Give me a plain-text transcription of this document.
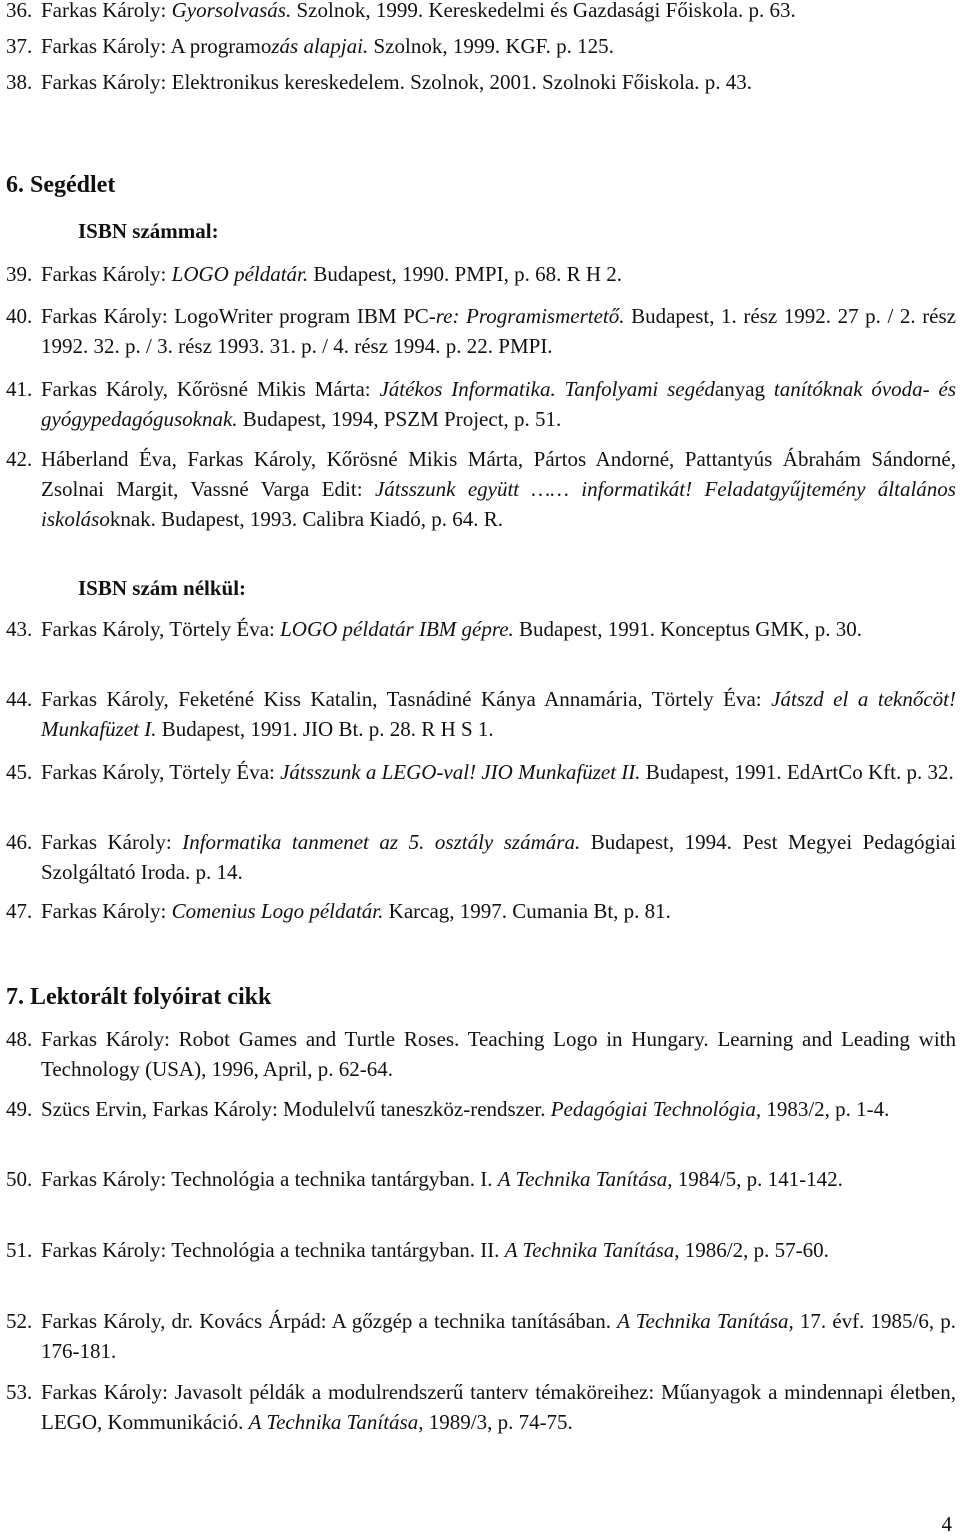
36. Farkas Károly: Gyorsolvasás. Szolnok, 1999. Kereskedelmi és Gazdasági Főiskola. p. 63.
37. Farkas Károly: A programozás alapjai. Szolnok, 1999. KGF. p. 125.
38. Farkas Károly: Elektronikus kereskedelem. Szolnok, 2001. Szolnoki Főiskola. p. 43.
6. Segédlet
ISBN számmal:
39. Farkas Károly: LOGO példatár. Budapest, 1990. PMPI, p. 68. R H 2.
40. Farkas Károly: LogoWriter program IBM PC-re: Programismertető. Budapest, 1. rész 1992. 27 p. / 2. rész 1992. 32. p. / 3. rész 1993. 31. p. / 4. rész 1994. p. 22. PMPI.
41. Farkas Károly, Kőrösné Mikis Márta: Játékos Informatika. Tanfolyami segédanyag tanítóknak óvoda- és gyógypedagógusoknak. Budapest, 1994, PSZM Project, p. 51.
42. Háberland Éva, Farkas Károly, Kőrösné Mikis Márta, Pártos Andorné, Pattantyús Ábrahám Sándorné, Zsolnai Margit, Vassné Varga Edit: Játsszunk együtt …… informatikát! Feladatgyűjtemény általános iskolásoknak. Budapest, 1993. Calibra Kiadó, p. 64. R.
ISBN szám nélkül:
43. Farkas Károly, Törtely Éva: LOGO példatár IBM gépre. Budapest, 1991. Konceptus GMK, p. 30.
44. Farkas Károly, Feketéné Kiss Katalin, Tasnádiné Kánya Annamária, Törtely Éva: Játszd el a teknőcöt! Munkafüzet I. Budapest, 1991. JIO Bt. p. 28. R H S 1.
45. Farkas Károly, Törtely Éva: Játsszunk a LEGO-val! JIO Munkafüzet II. Budapest, 1991. EdArtCo Kft. p. 32.
46. Farkas Károly: Informatika tanmenet az 5. osztály számára. Budapest, 1994. Pest Megyei Pedagógiai Szolgáltató Iroda. p. 14.
47. Farkas Károly: Comenius Logo példatár. Karcag, 1997. Cumania Bt, p. 81.
7. Lektorált folyóirat cikk
48. Farkas Károly: Robot Games and Turtle Roses. Teaching Logo in Hungary. Learning and Leading with Technology (USA), 1996, April, p. 62-64.
49. Szücs Ervin, Farkas Károly: Modulelvű taneszköz-rendszer. Pedagógiai Technológia, 1983/2, p. 1-4.
50. Farkas Károly: Technológia a technika tantárgyban. I. A Technika Tanítása, 1984/5, p. 141-142.
51. Farkas Károly: Technológia a technika tantárgyban. II. A Technika Tanítása, 1986/2, p. 57-60.
52. Farkas Károly, dr. Kovács Árpád: A gőzgép a technika tanításában. A Technika Tanítása, 17. évf. 1985/6, p. 176-181.
53. Farkas Károly: Javasolt példák a modulrendszerű tanterv témaköreihez: Műanyagok a mindennapi életben, LEGO, Kommunikáció. A Technika Tanítása, 1989/3, p. 74-75.
4
